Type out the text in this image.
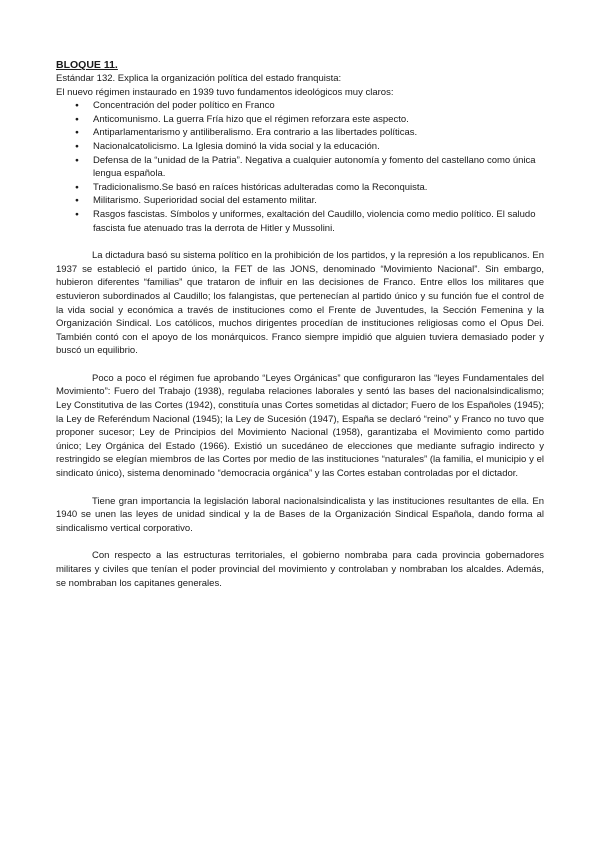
BLOQUE 11.

Estándar 132. Explica la organización política del estado franquista:

El nuevo régimen instaurado en 1939 tuvo fundamentos ideológicos muy claros:

● Concentración del poder político en Franco
● Anticomunismo. La guerra Fría hizo que el régimen reforzara este aspecto.
● Antiparlamentarismo y antiliberalismo. Era contrario a las libertades políticas.
● Nacionalcatolicismo. La Iglesia dominó la vida social y la educación.
● Defensa de la “unidad de la Patria”. Negativa a cualquier autonomía y fomento del castellano como única lengua española.
● Tradicionalismo.Se basó en raíces históricas adulteradas como la Reconquista.
● Militarismo. Superioridad social del estamento militar.
● Rasgos fascistas. Símbolos y uniformes, exaltación del Caudillo, violencia como medio político. El saludo fascista fue atenuado tras la derrota de Hitler y Mussolini.

La dictadura basó su sistema político en la prohibición de los partidos, y la represión a los republicanos. En 1937 se estableció el partido único, la FET de las JONS, denominado “Movimiento Nacional”. Sin embargo, hubieron diferentes “familias” que trataron de influir en las decisiones de Franco. Entre ellos los militares que estuvieron subordinados al Caudillo; los falangistas, que pertenecían al partido único y su función fue el control de la vida social y económica a través de instituciones como el Frente de Juventudes, la Sección Femenina y la Organización Sindical. Los católicos, muchos dirigentes procedían de instituciones religiosas como el Opus Dei. También contó con el apoyo de los monárquicos. Franco siempre impidió que alguien tuviera demasiado poder y buscó un equilibrio.

Poco a poco el régimen fue aprobando “Leyes Orgánicas” que configuraron las “leyes Fundamentales del Movimiento”: Fuero del Trabajo (1938), regulaba relaciones laborales y sentó las bases del nacionalsindicalismo; Ley Constitutiva de las Cortes (1942), constituía unas Cortes sometidas al dictador; Fuero de los Españoles (1945); la Ley de Referéndum Nacional (1945); la Ley de Sucesión (1947), España se declaró “reino” y Franco no tuvo que proponer sucesor; Ley de Principios del Movimiento Nacional (1958), garantizaba el Movimiento como partido único; Ley Orgánica del Estado (1966). Existió un sucedáneo de elecciones que mediante sufragio indirecto y restringido se elegían miembros de las Cortes por medio de las instituciones “naturales” (la familia, el municipio y el sindicato único), sistema denominado “democracia orgánica” y las Cortes estaban controladas por el dictador.

Tiene gran importancia la legislación laboral nacionalsindicalista y las instituciones resultantes de ella. En 1940 se unen las leyes de unidad sindical y la de Bases de la Organización Sindical Española, dando forma al sindicalismo vertical corporativo.

Con respecto a las estructuras territoriales, el gobierno nombraba para cada provincia gobernadores militares y civiles que tenían el poder provincial del movimiento y controlaban y nombraban los alcaldes. Además, se nombraban los capitanes generales.
